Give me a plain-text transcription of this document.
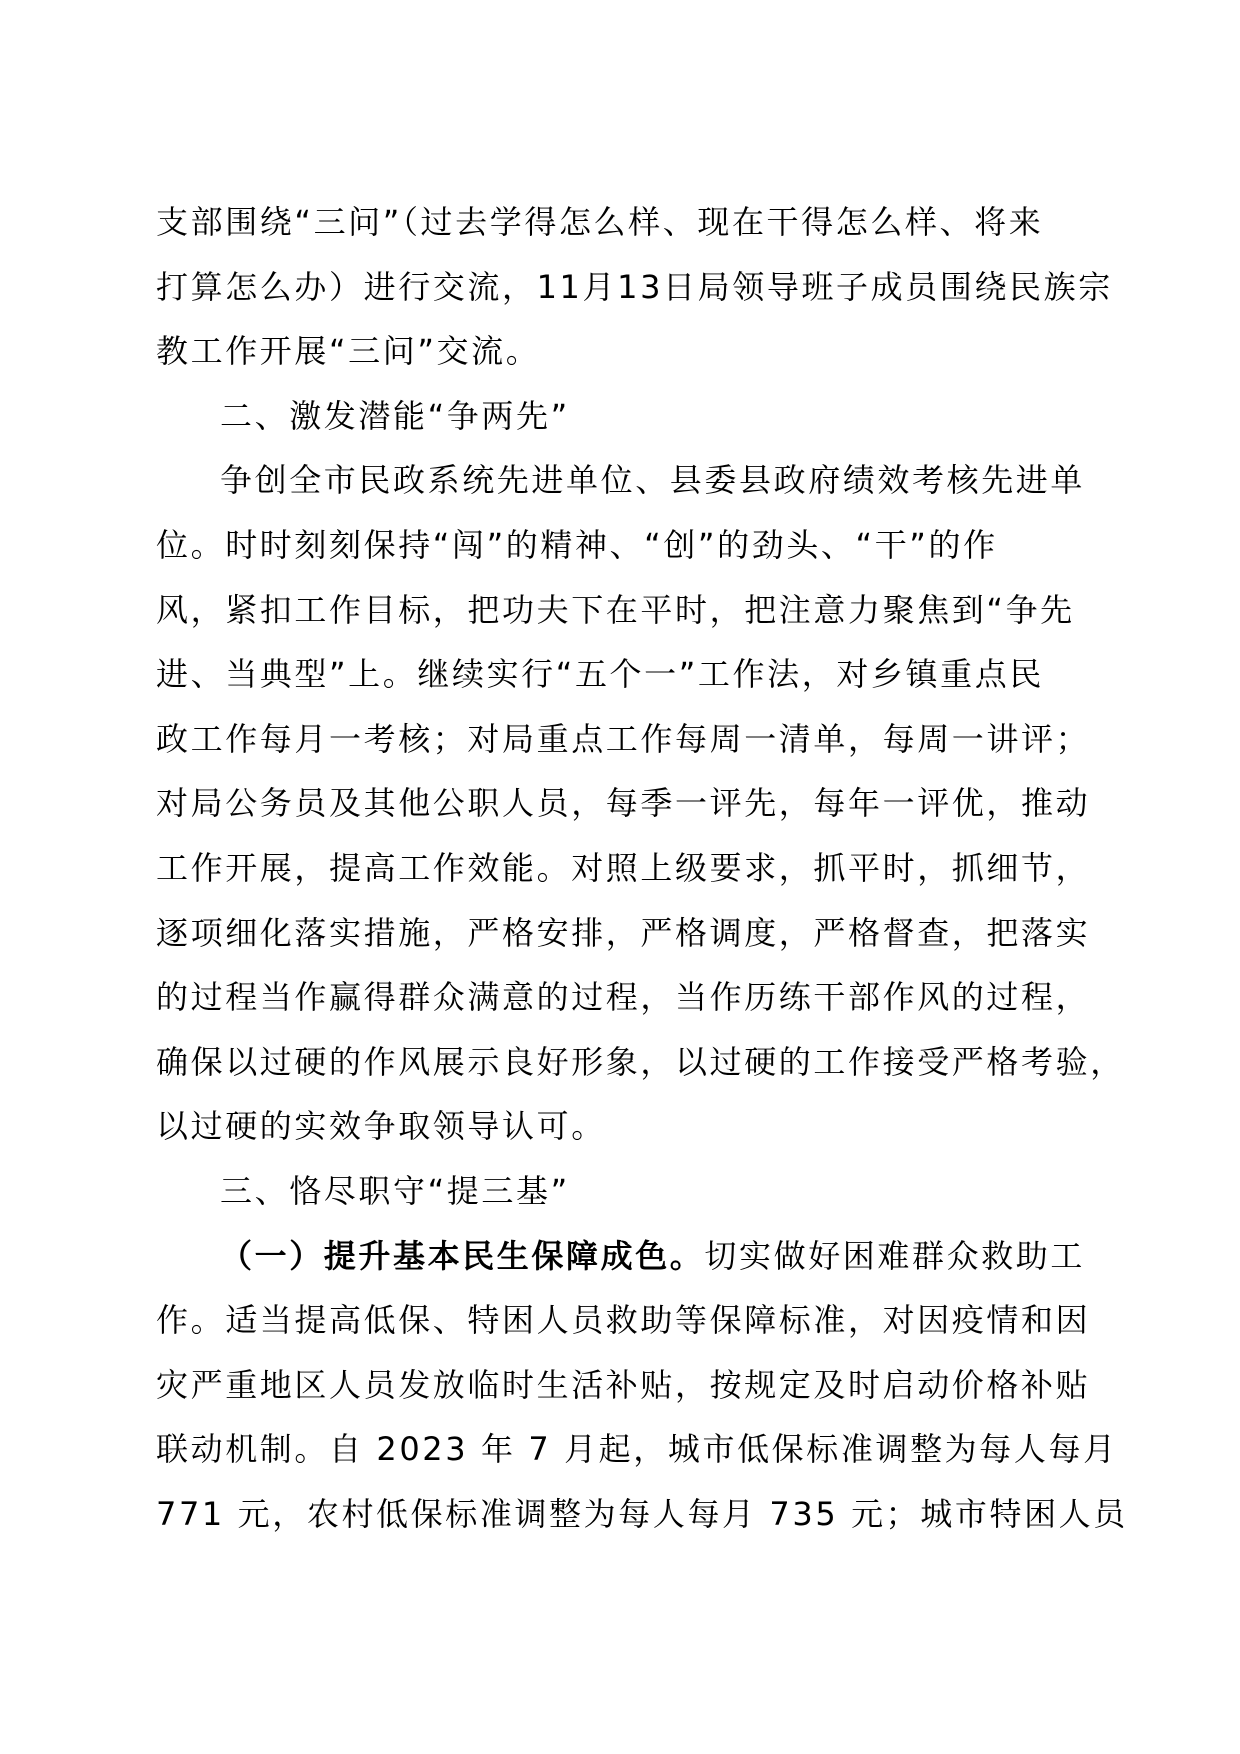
支部围绕“三问”（过去学得怎么样、现在干得怎么样、将来
打算怎么办）进行交流，11月13日局领导班子成员围绕民族宗
教工作开展“三问”交流。
二、激发潜能“争两先”
争创全市民政系统先进单位、县委县政府绩效考核先进单
位。时时刻刻保持“闯”的精神、“创”的劲头、“干”的作
风，紧扣工作目标，把功夫下在平时，把注意力聚焦到“争先
进、当典型”上。继续实行“五个一”工作法，对乡镇重点民
政工作每月一考核；对局重点工作每周一清单，每周一讲评；
对局公务员及其他公职人员，每季一评先，每年一评优，推动
工作开展，提高工作效能。对照上级要求，抓平时，抓细节，
逐项细化落实措施，严格安排，严格调度，严格督查，把落实
的过程当作赢得群众满意的过程，当作历练干部作风的过程，
确保以过硬的作风展示良好形象，以过硬的工作接受严格考验，
以过硬的实效争取领导认可。
三、恪尽职守“提三基”
（一）提升基本民生保障成色。切实做好困难群众救助工
作。适当提高低保、特困人员救助等保障标准，对因疫情和因
灾严重地区人员发放临时生活补贴，按规定及时启动价格补贴
联动机制。自 2023 年 7 月起，城市低保标准调整为每人每月
771 元，农村低保标准调整为每人每月 735 元；城市特困人员
